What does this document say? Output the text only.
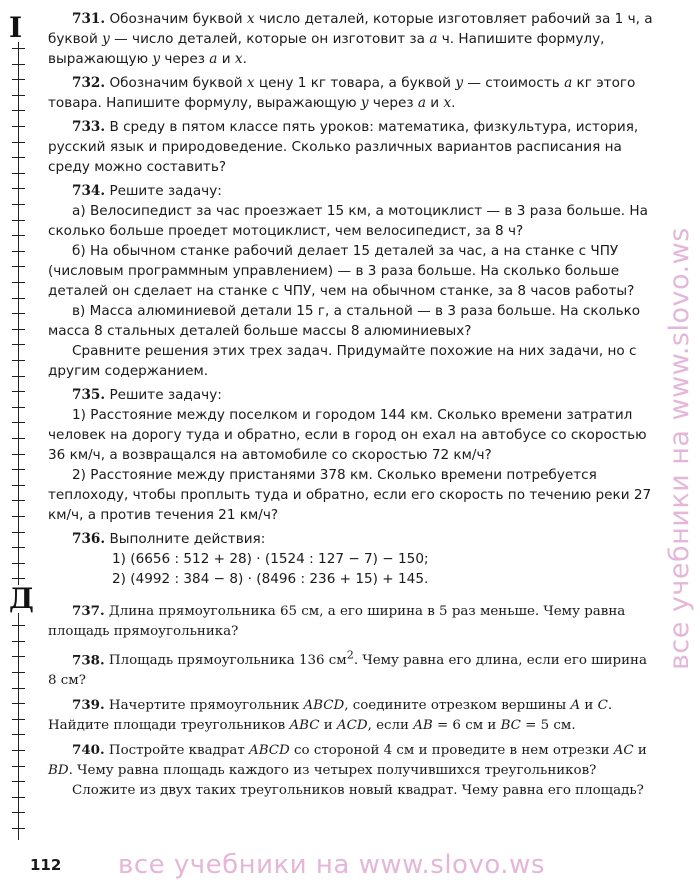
I
Д

731. Обозначим буквой x число деталей, которые изготовляет рабочий за 1 ч, а буквой y — число деталей, которые он изготовит за a ч. Напишите формулу, выражающую y через a и x.

732. Обозначим буквой x цену 1 кг товара, а буквой y — стоимость a кг этого товара. Напишите формулу, выражающую y через a и x.

733. В среду в пятом классе пять уроков: математика, физкультура, история, русский язык и природоведение. Сколько различных вариантов расписания на среду можно составить?

734. Решите задачу:

а) Велосипедист за час проезжает 15 км, а мотоциклист — в 3 раза больше. На сколько больше проедет мотоциклист, чем велосипедист, за 8 ч?

б) На обычном станке рабочий делает 15 деталей за час, а на станке с ЧПУ (числовым программным управлением) — в 3 раза больше. На сколько больше деталей он сделает на станке с ЧПУ, чем на обычном станке, за 8 часов работы?

в) Масса алюминиевой детали 15 г, а стальной — в 3 раза больше. На сколько масса 8 стальных деталей больше массы 8 алюминиевых?

Сравните решения этих трех задач. Придумайте похожие на них задачи, но с другим содержанием.

735. Решите задачу:

1) Расстояние между поселком и городом 144 км. Сколько времени затратил человек на дорогу туда и обратно, если в город он ехал на автобусе со скоростью 36 км/ч, а возвращался на автомобиле со скоростью 72 км/ч?

2) Расстояние между пристанями 378 км. Сколько времени потребуется теплоходу, чтобы проплыть туда и обратно, если его скорость по течению реки 27 км/ч, а против течения 21 км/ч?

736. Выполните действия:

1) (6656 : 512 + 28) · (1524 : 127 − 7) − 150;

2) (4992 : 384 − 8) · (8496 : 236 + 15) + 145.

737. Длина прямоугольника 65 см, а его ширина в 5 раз меньше. Чему равна площадь прямоугольника?

738. Площадь прямоугольника 136 $см^2$. Чему равна его длина, если его ширина 8 см?

739. Начертите прямоугольник ABCD, соедините отрезком вершины A и C. Найдите площади треугольников ABC и ACD, если AB = 6 см и BC = 5 см.

740. Постройте квадрат ABCD со стороной 4 см и проведите в нем отрезки AC и BD. Чему равна площадь каждого из четырех получившихся треугольников?

Сложите из двух таких треугольников новый квадрат. Чему равна его площадь?

112 все учебники на www.slovo.ws
все учебники на www.slovo.ws
